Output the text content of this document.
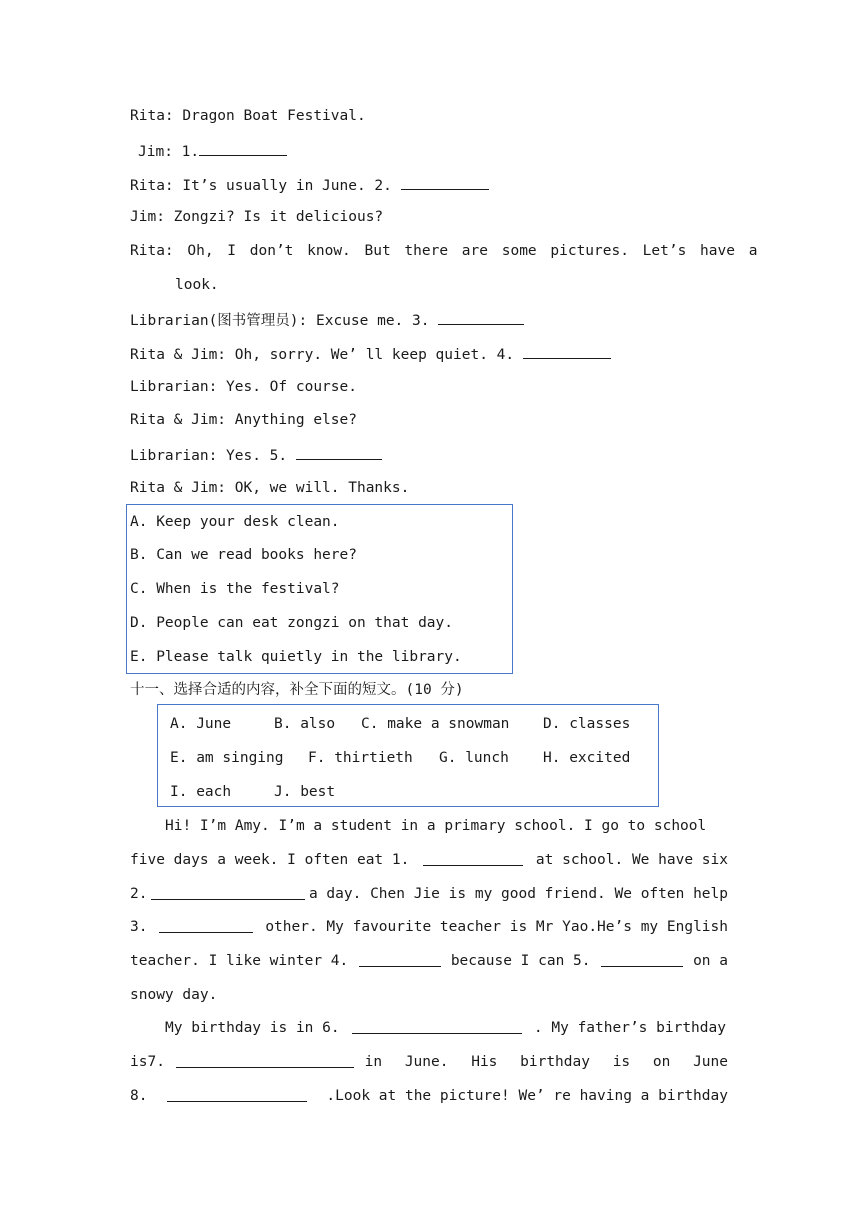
Rita: Dragon Boat Festival.
Jim: 1.
Rita: It’s usually in June. 2.
Jim: Zongzi? Is it delicious?
Rita: Oh, I don’t know. But there are some pictures. Let’s have a
look.
Librarian(图书管理员): Excuse me. 3.
Rita & Jim: Oh, sorry. We’ ll keep quiet. 4.
Librarian: Yes. Of course.
Rita & Jim: Anything else?
Librarian: Yes. 5.
Rita & Jim: OK, we will. Thanks.
A. Keep your desk clean.
B. Can we read books here?
C. When is the festival?
D. People can eat zongzi on that day.
E. Please talk quietly in the library.
十一、选择合适的内容，补全下面的短文。(10 分)
A. June	B. also C. make a snowman D. classes
E. am singing F. thirtieth G. lunch H. excited
I. each	J. best
Hi! I’m Amy. I’m a student in a primary school. I go to school
five days a week. I often eat 1.	at school. We have six
2.	a day. Chen Jie is my good friend. We often help
3.	other. My favourite teacher is Mr Yao.He’s my English
teacher. I like winter 4.	because I can 5.	on a
snowy day.
My birthday is in 6.	. My father’s birthday
is7.	in June. His birthday is on June
8.	.Look at the picture! We’ re having a birthday
